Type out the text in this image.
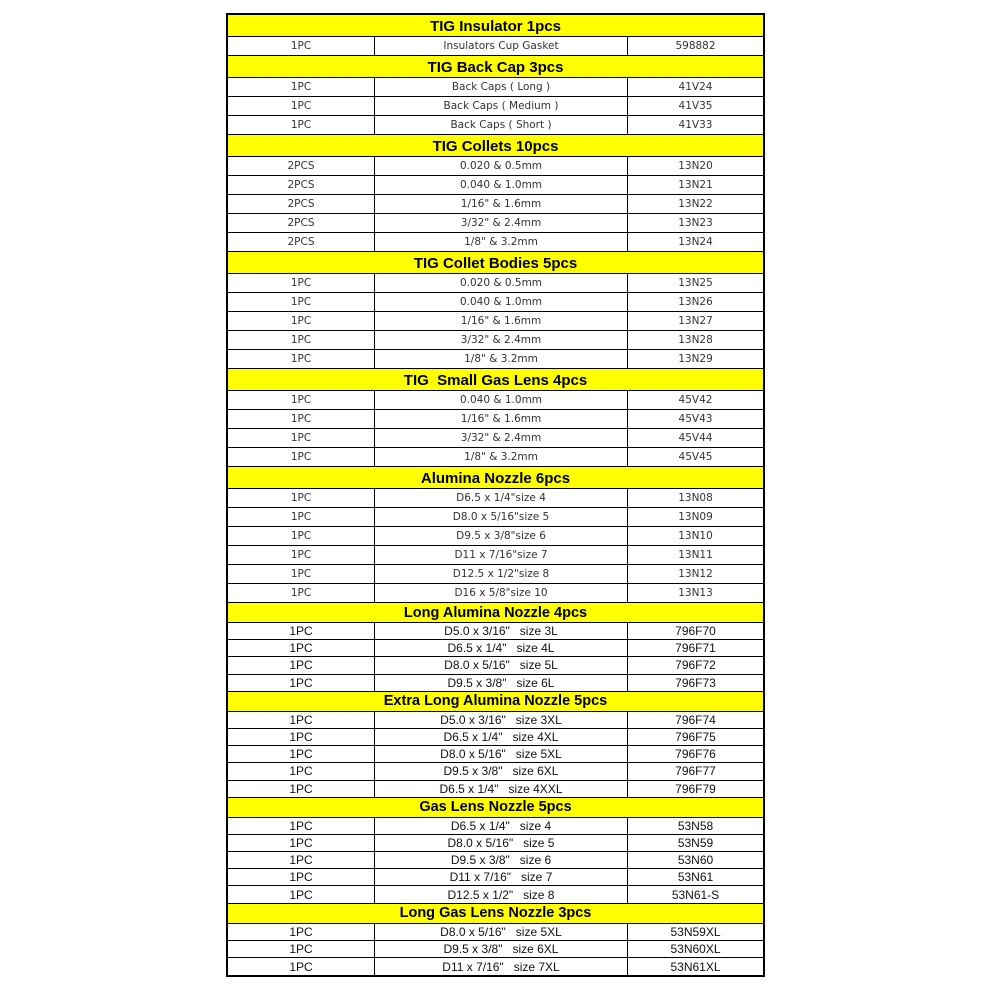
TIG Insulator 1pcs
1PC	Insulators Cup Gasket	598882
TIG Back Cap 3pcs
1PC	Back Caps ( Long )	41V24
1PC	Back Caps ( Medium )	41V35
1PC	Back Caps ( Short )	41V33
TIG Collets 10pcs
2PCS	0.020 & 0.5mm	13N20
2PCS	0.040 & 1.0mm	13N21
2PCS	1/16" & 1.6mm	13N22
2PCS	3/32" & 2.4mm	13N23
2PCS	1/8" & 3.2mm	13N24
TIG Collet Bodies 5pcs
1PC	0.020 & 0.5mm	13N25
1PC	0.040 & 1.0mm	13N26
1PC	1/16" & 1.6mm	13N27
1PC	3/32" & 2.4mm	13N28
1PC	1/8" & 3.2mm	13N29
TIG  Small Gas Lens 4pcs
1PC	0.040 & 1.0mm	45V42
1PC	1/16" & 1.6mm	45V43
1PC	3/32" & 2.4mm	45V44
1PC	1/8" & 3.2mm	45V45
Alumina Nozzle 6pcs
1PC	D6.5 x 1/4"size 4	13N08
1PC	D8.0 x 5/16"size 5	13N09
1PC	D9.5 x 3/8"size 6	13N10
1PC	D11 x 7/16"size 7	13N11
1PC	D12.5 x 1/2"size 8	13N12
1PC	D16 x 5/8"size 10	13N13
Long Alumina Nozzle 4pcs
1PC	D5.0 x 3/16"   size 3L	796F70
1PC	D6.5 x 1/4"   size 4L	796F71
1PC	D8.0 x 5/16"   size 5L	796F72
1PC	D9.5 x 3/8"   size 6L	796F73
Extra Long Alumina Nozzle 5pcs
1PC	D5.0 x 3/16"   size 3XL	796F74
1PC	D6.5 x 1/4"   size 4XL	796F75
1PC	D8.0 x 5/16"   size 5XL	796F76
1PC	D9.5 x 3/8"   size 6XL	796F77
1PC	D6.5 x 1/4"   size 4XXL	796F79
Gas Lens Nozzle 5pcs
1PC	D6.5 x 1/4"   size 4	53N58
1PC	D8.0 x 5/16"   size 5	53N59
1PC	D9.5 x 3/8"   size 6	53N60
1PC	D11 x 7/16"   size 7	53N61
1PC	D12.5 x 1/2"   size 8	53N61-S
Long Gas Lens Nozzle 3pcs
1PC	D8.0 x 5/16"   size 5XL	53N59XL
1PC	D9.5 x 3/8"   size 6XL	53N60XL
1PC	D11 x 7/16"   size 7XL	53N61XL
